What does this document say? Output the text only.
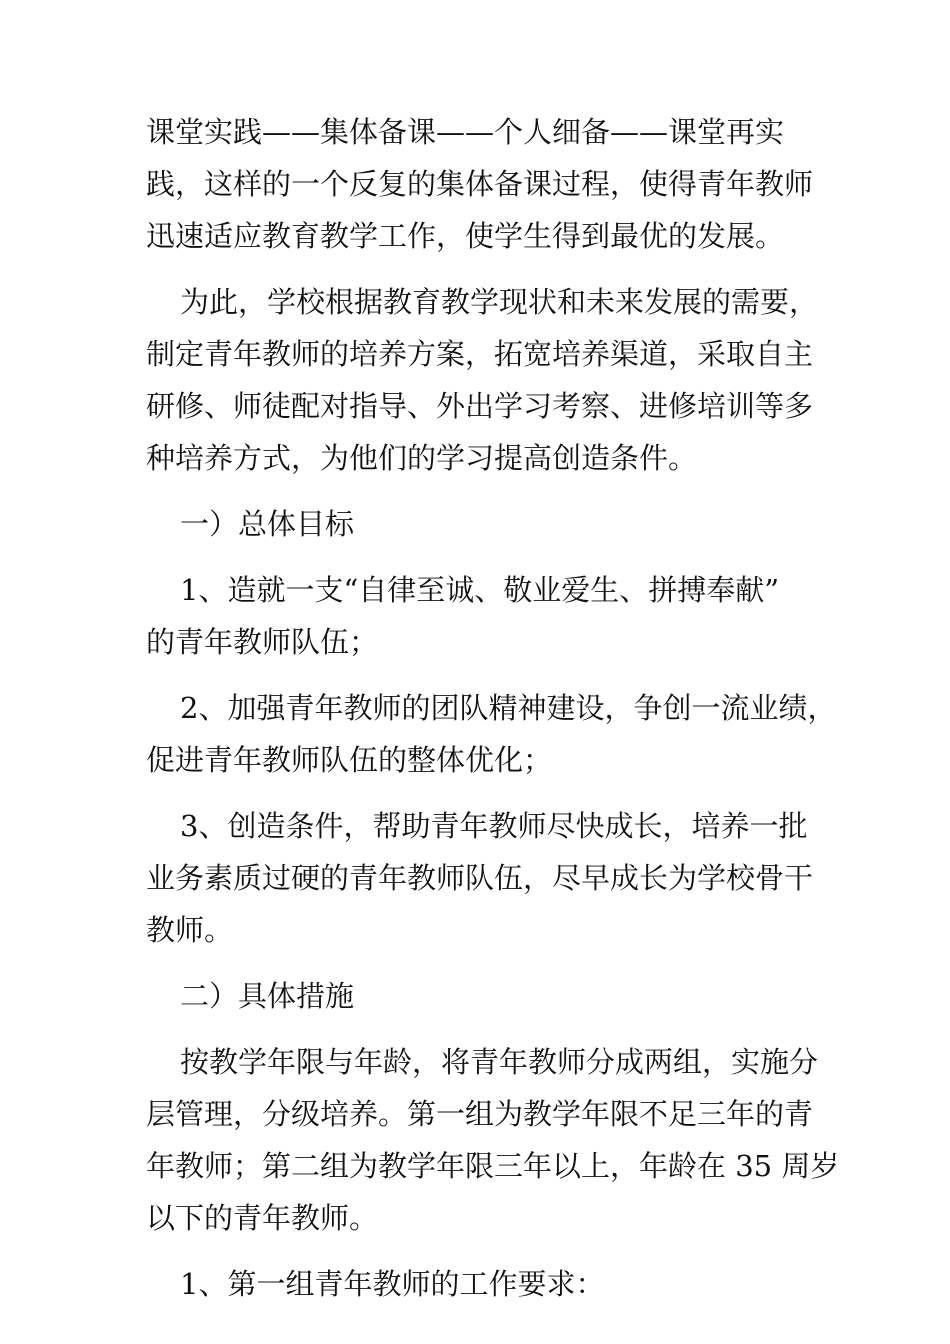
课堂实践——集体备课——个人细备——课堂再实
践，这样的一个反复的集体备课过程，使得青年教师
迅速适应教育教学工作，使学生得到最优的发展。
为此，学校根据教育教学现状和未来发展的需要，
制定青年教师的培养方案，拓宽培养渠道，采取自主
研修、师徒配对指导、外出学习考察、进修培训等多
种培养方式，为他们的学习提高创造条件。
一）总体目标
1、造就一支“自律至诚、敬业爱生、拼搏奉献”
的青年教师队伍；
2、加强青年教师的团队精神建设，争创一流业绩，
促进青年教师队伍的整体优化；
3、创造条件，帮助青年教师尽快成长，培养一批
业务素质过硬的青年教师队伍，尽早成长为学校骨干
教师。
二）具体措施
按教学年限与年龄，将青年教师分成两组，实施分
层管理，分级培养。第一组为教学年限不足三年的青
年教师；第二组为教学年限三年以上，年龄在 35 周岁
以下的青年教师。
1、第一组青年教师的工作要求：
